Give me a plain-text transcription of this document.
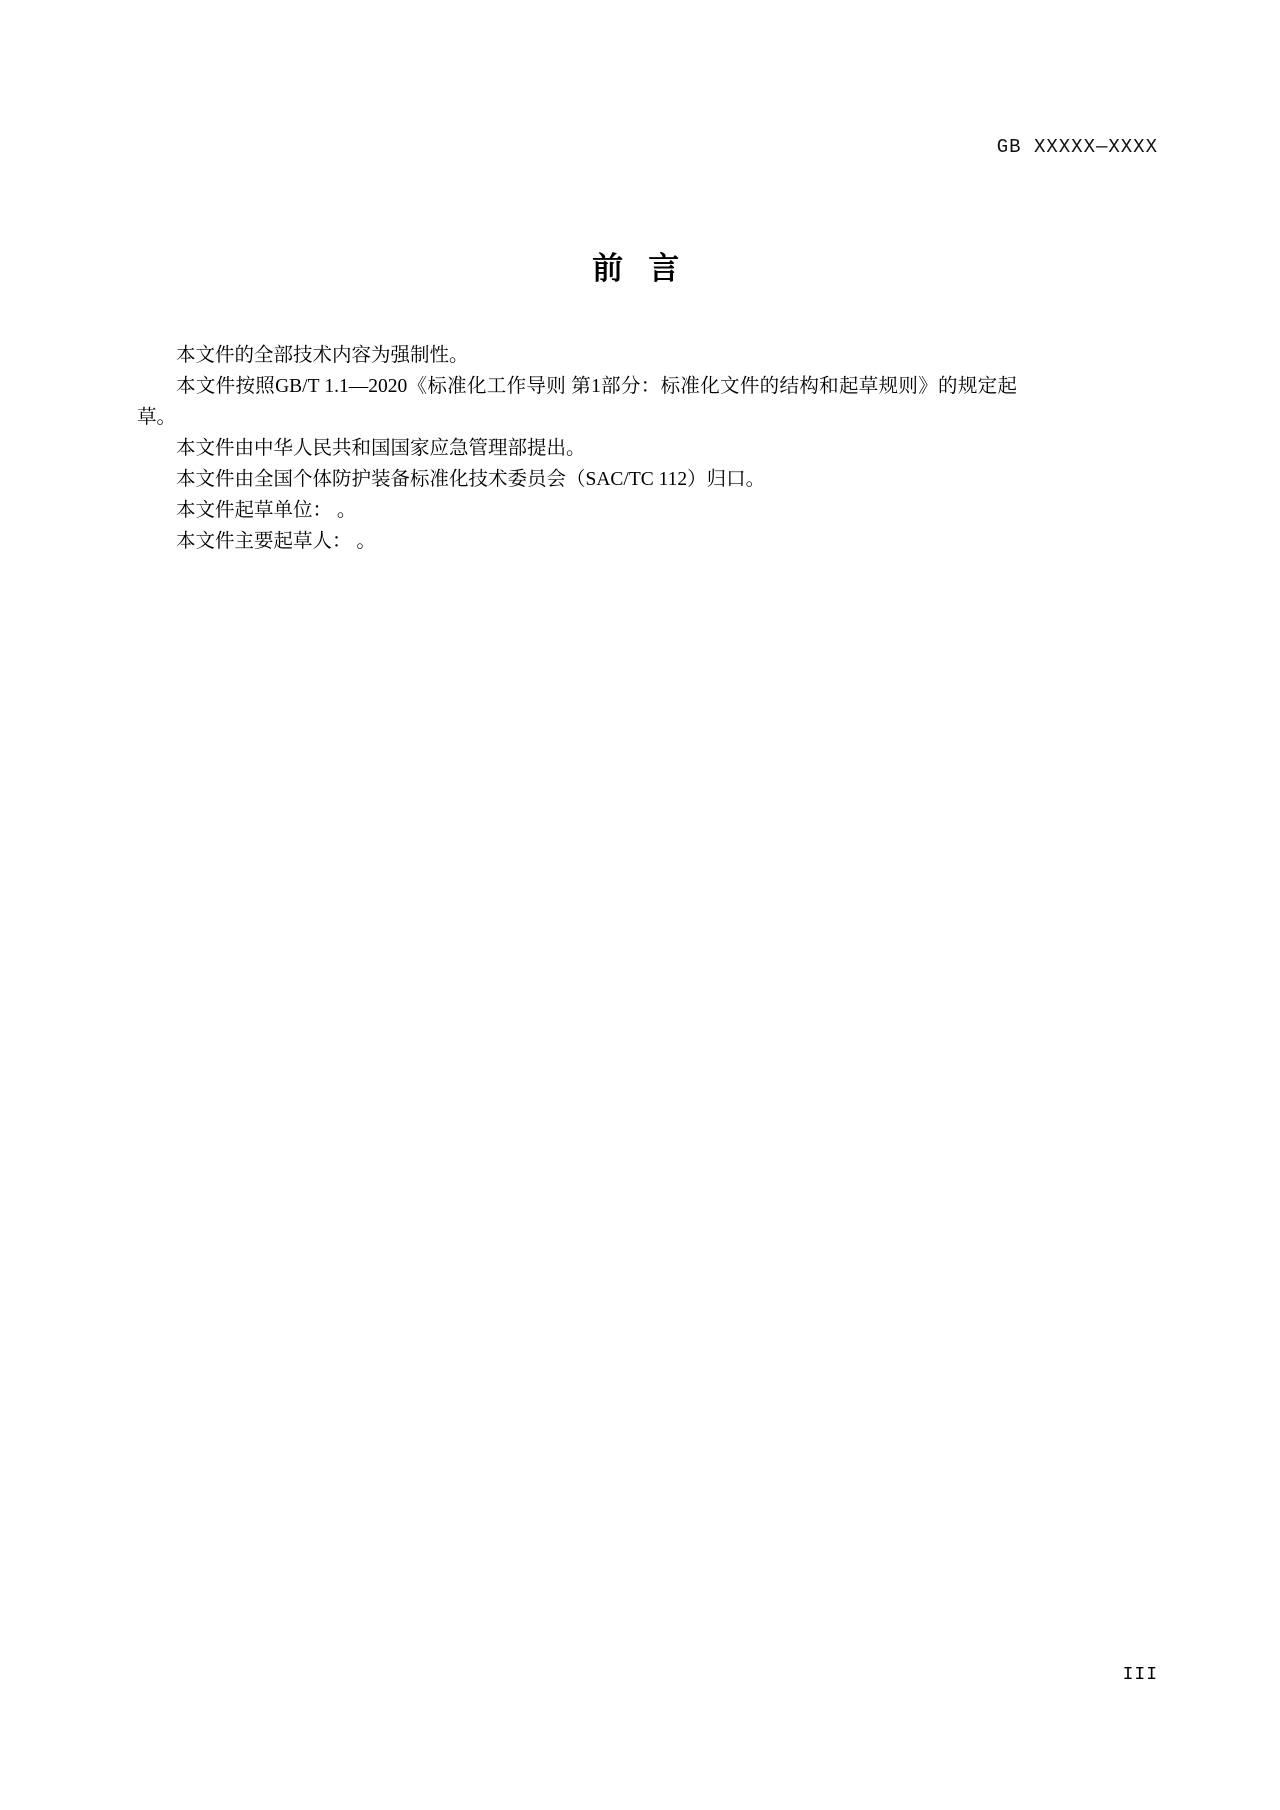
GB XXXXX—XXXX
前 言

本文件的全部技术内容为强制性。

本文件按照GB/T 1.1—2020《标准化工作导则 第1部分：标准化文件的结构和起草规则》的规定起草。

本文件由中华人民共和国国家应急管理部提出。

本文件由全国个体防护装备标准化技术委员会（SAC/TC 112）归口。

本文件起草单位： 。

本文件主要起草人： 。

III
